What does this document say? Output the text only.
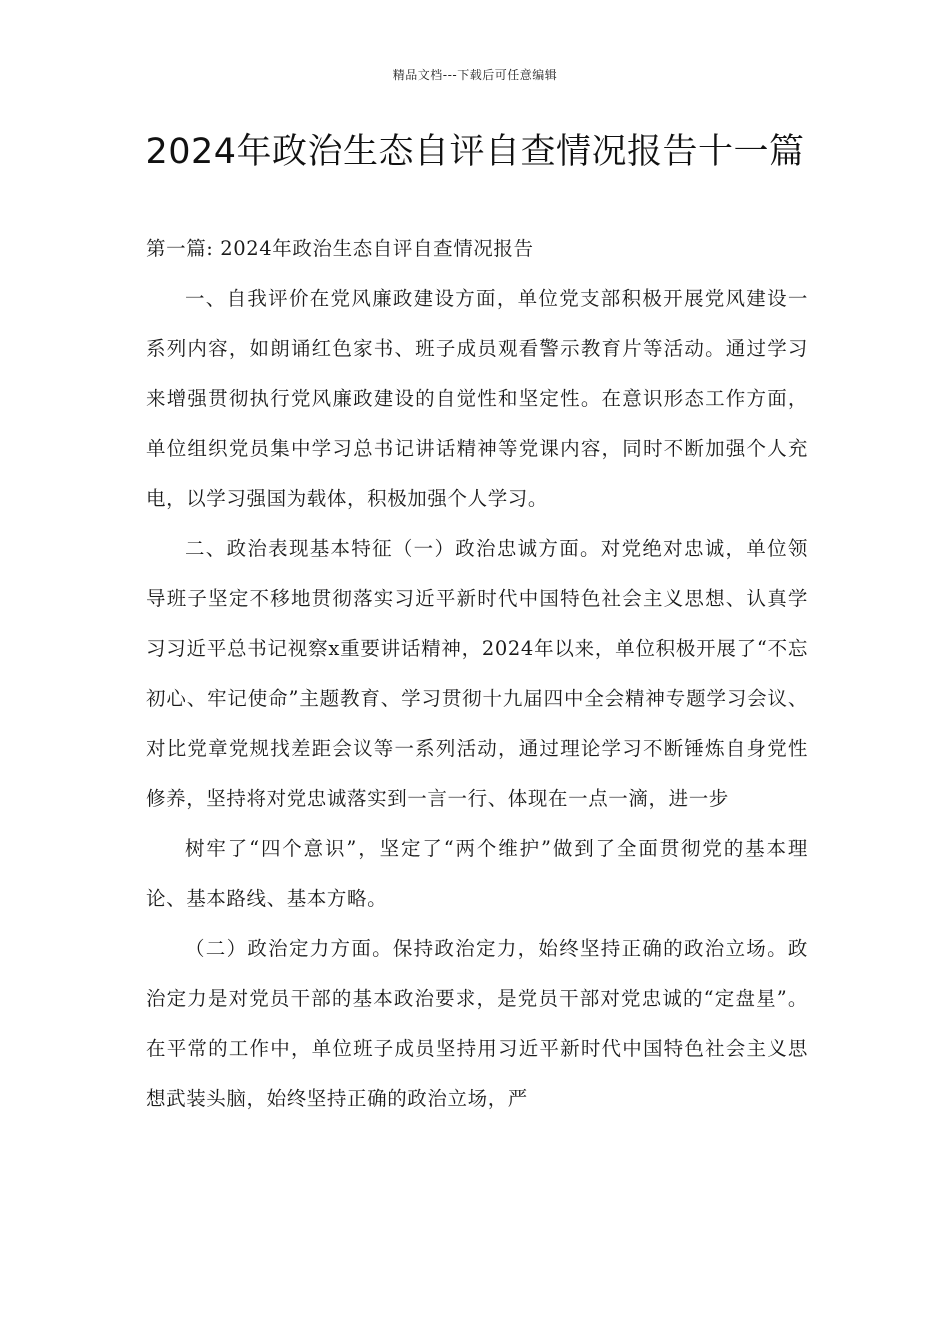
精品文档---下载后可任意编辑
2024年政治生态自评自查情况报告十一篇

第一篇: 2024年政治生态自评自查情况报告

一、自我评价在党风廉政建设方面，单位党支部积极开展党风建设一系列内容，如朗诵红色家书、班子成员观看警示教育片等活动。通过学习来增强贯彻执行党风廉政建设的自觉性和坚定性。在意识形态工作方面，单位组织党员集中学习总书记讲话精神等党课内容，同时不断加强个人充电，以学习强国为载体，积极加强个人学习。

二、政治表现基本特征（一）政治忠诚方面。对党绝对忠诚，单位领导班子坚定不移地贯彻落实习近平新时代中国特色社会主义思想、认真学习习近平总书记视察x重要讲话精神，2024年以来，单位积极开展了“不忘初心、牢记使命”主题教育、学习贯彻十九届四中全会精神专题学习会议、对比党章党规找差距会议等一系列活动，通过理论学习不断锤炼自身党性修养，坚持将对党忠诚落实到一言一行、体现在一点一滴，进一步

树牢了“四个意识”，坚定了“两个维护”做到了全面贯彻党的基本理论、基本路线、基本方略。

（二）政治定力方面。保持政治定力，始终坚持正确的政治立场。政治定力是对党员干部的基本政治要求，是党员干部对党忠诚的“定盘星”。在平常的工作中，单位班子成员坚持用习近平新时代中国特色社会主义思想武装头脑，始终坚持正确的政治立场，严
